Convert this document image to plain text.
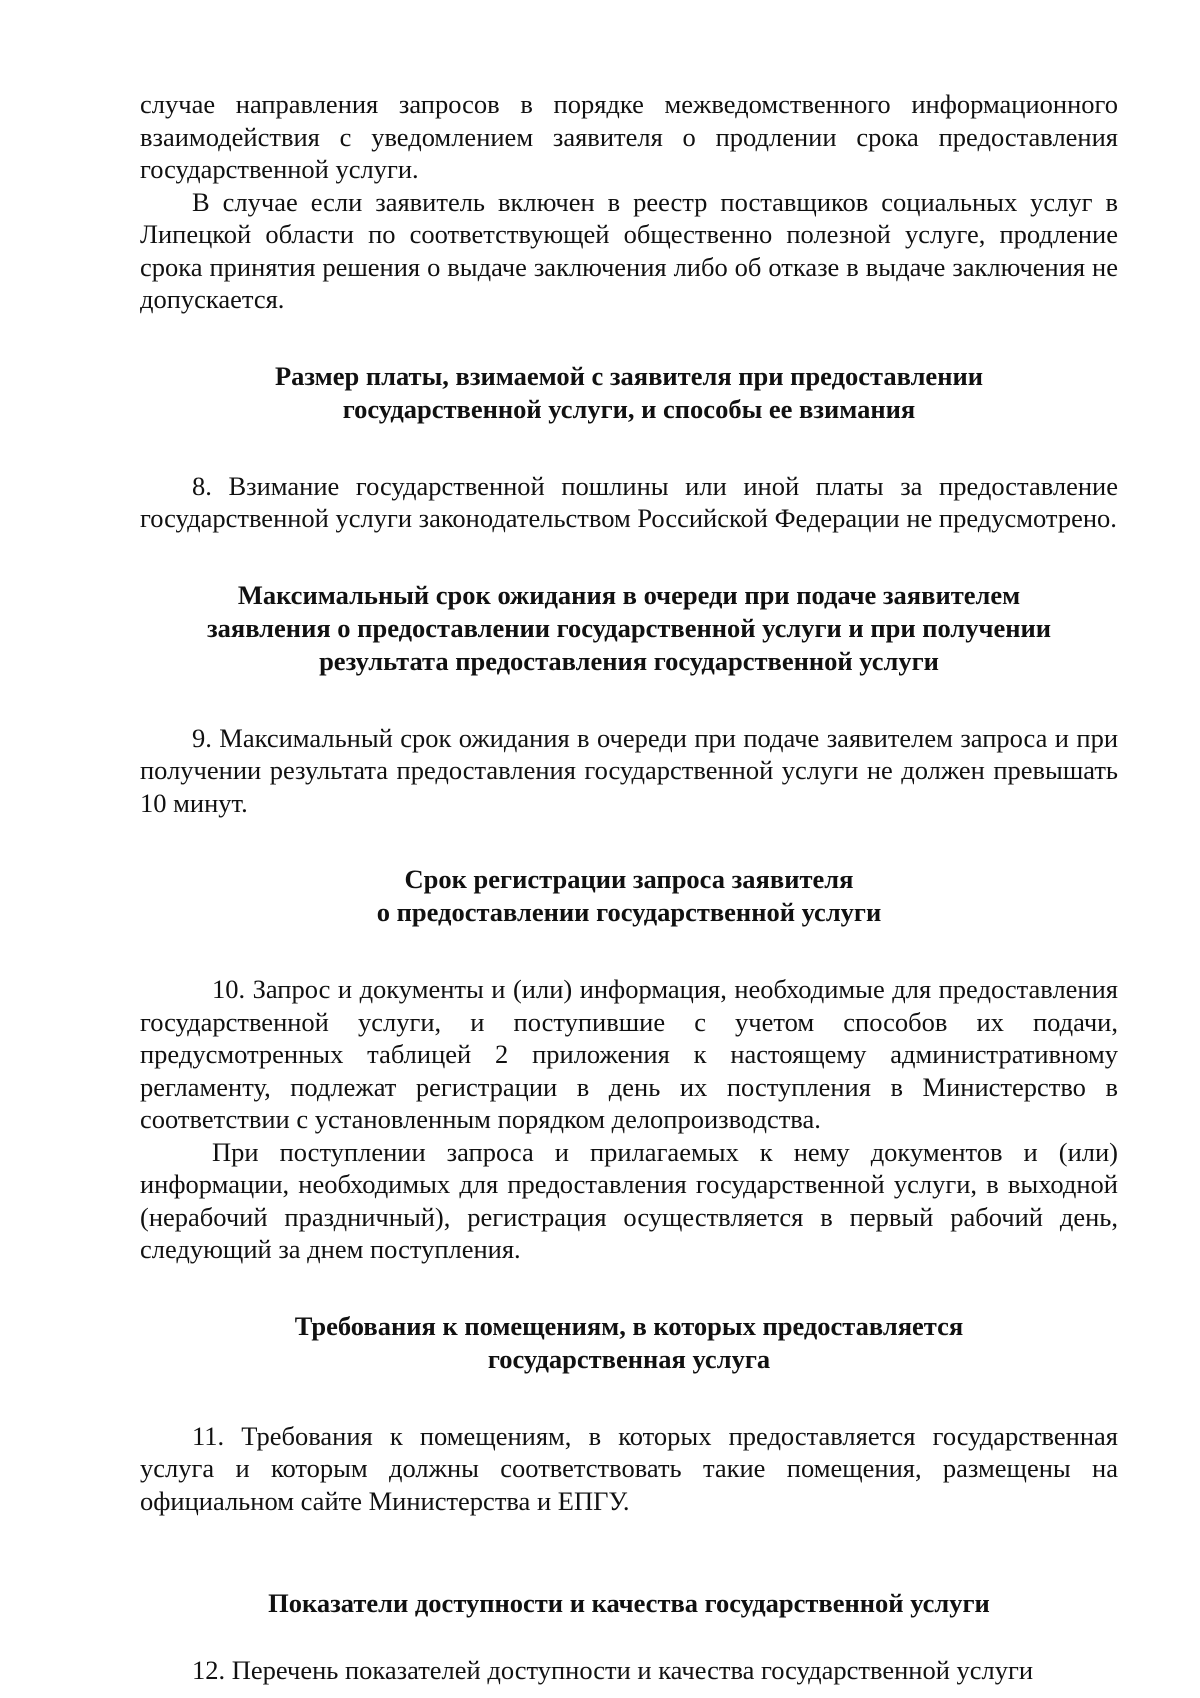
случае направления запросов в порядке межведомственного информационного взаимодействия с уведомлением заявителя о продлении срока предоставления государственной услуги.

В случае если заявитель включен в реестр поставщиков социальных услуг в Липецкой области по соответствующей общественно полезной услуге, продление срока принятия решения о выдаче заключения либо об отказе в выдаче заключения не допускается.

Размер платы, взимаемой с заявителя при предоставлении
государственной услуги, и способы ее взимания

8. Взимание государственной пошлины или иной платы за предоставление государственной услуги законодательством Российской Федерации не предусмотрено.

Максимальный срок ожидания в очереди при подаче заявителем
заявления о предоставлении государственной услуги и при получении
результата предоставления государственной услуги

9. Максимальный срок ожидания в очереди при подаче заявителем запроса и при получении результата предоставления государственной услуги не должен превышать 10 минут.

Срок регистрации запроса заявителя
о предоставлении государственной услуги

10. Запрос и документы и (или) информация, необходимые для предоставления государственной услуги, и поступившие с учетом способов их подачи, предусмотренных таблицей 2 приложения к настоящему административному регламенту, подлежат регистрации в день их поступления в Министерство в соответствии с установленным порядком делопроизводства.

При поступлении запроса и прилагаемых к нему документов и (или) информации, необходимых для предоставления государственной услуги, в выходной (нерабочий праздничный), регистрация осуществляется в первый рабочий день, следующий за днем поступления.

Требования к помещениям, в которых предоставляется
государственная услуга

11. Требования к помещениям, в которых предоставляется государственная услуга и которым должны соответствовать такие помещения, размещены на официальном сайте Министерства и ЕПГУ.

Показатели доступности и качества государственной услуги

12. Перечень показателей доступности и качества государственной услуги
